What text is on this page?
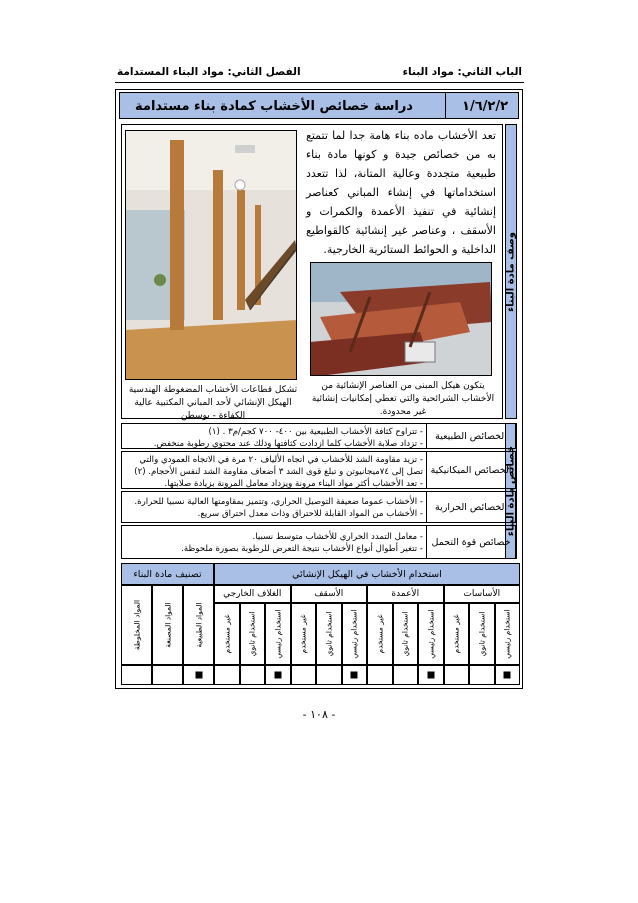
الباب الثاني: مواد البناء
الفصل الثاني: مواد البناء المستدامة
١/٦/٢/٢
دراسة خصائص الأخشاب كمادة بناء مستدامة
وصف مادة البناء
خصائص مادة البناء
تعد الأخشاب ماده بناء هامة جدا لما تتمتع به من خصائص جيدة و كونها مادة بناء طبيعية متجددة وعالية المتانة، لذا تتعدد استخداماتها في إنشاء المباني كعناصر إنشائية في تنفيذ الأعمدة والكمرات و الأسقف ، وعناصر غير إنشائية كالقواطيع الداخلية و الحوائط الستائرية الخارجية.
يتكون هيكل المبنى من العناصر الإنشائية من الأخشاب الشرائحية والتي تعطي إمكانيات إنشائية غير محدودة.
تشكل قطاعات الأخشاب المضغوطة الهندسية الهيكل الإنشائي لأحد المباني المكتبية عالية الكفاءة - بوسطن
الخصائص الطبيعية
- تتراوح كثافة الأخشاب الطبيعية بين ٤٠٠- ٧٠٠ كجم/م٣ . (١)
- تزداد صلابة الأخشاب كلما ازدادت كثافتها وذلك عند محتوي رطوبة منخفض.
الخصائص الميكانيكية
- تزيد مقاومة الشد للأخشاب في اتجاه الألياف ٢٠ مرة في الاتجاه العمودي والتي
تصل إلى ٧٤ميجانيوتن و تبلغ قوى الشد ٣ أضعاف مقاومة الشد لنفس الأحجام. (٢)
- تعد الأخشاب أكثر مواد البناء مرونة ويزداد معامل المرونة بزيادة صلابتها.
الخصائص الحرارية
- الأخشاب عموما ضعيفة التوصيل الحراري، وتتميز بمقاومتها العالية نسبيا للحرارة.
- الأخشاب من المواد القابلة للاحتراق وذات معدل احتراق سريع.
خصائص قوة التحمل
- معامل التمدد الحراري للأخشاب متوسط نسبيا.
- تتغير أطوال أنواع الأخشاب نتيجة التعرض للرطوبة بصورة ملحوظة.
استخدام الأخشاب في الهيكل الإنشائي
الأساسات
استخدام رئيسي
استخدام ثانوي
غير مستخدم
الأعمدة
استخدام رئيسي
استخدام ثانوي
غير مستخدم
الأسقف
استخدام رئيسي
استخدام ثانوي
غير مستخدم
الغلاف الخارجي
استخدام رئيسي
استخدام ثانوي
غير مستخدم
تصنيف مادة البناء
المواد الطبيعية
المواد المصنعة
المواد المخلوطة
- ١٠٨ -
